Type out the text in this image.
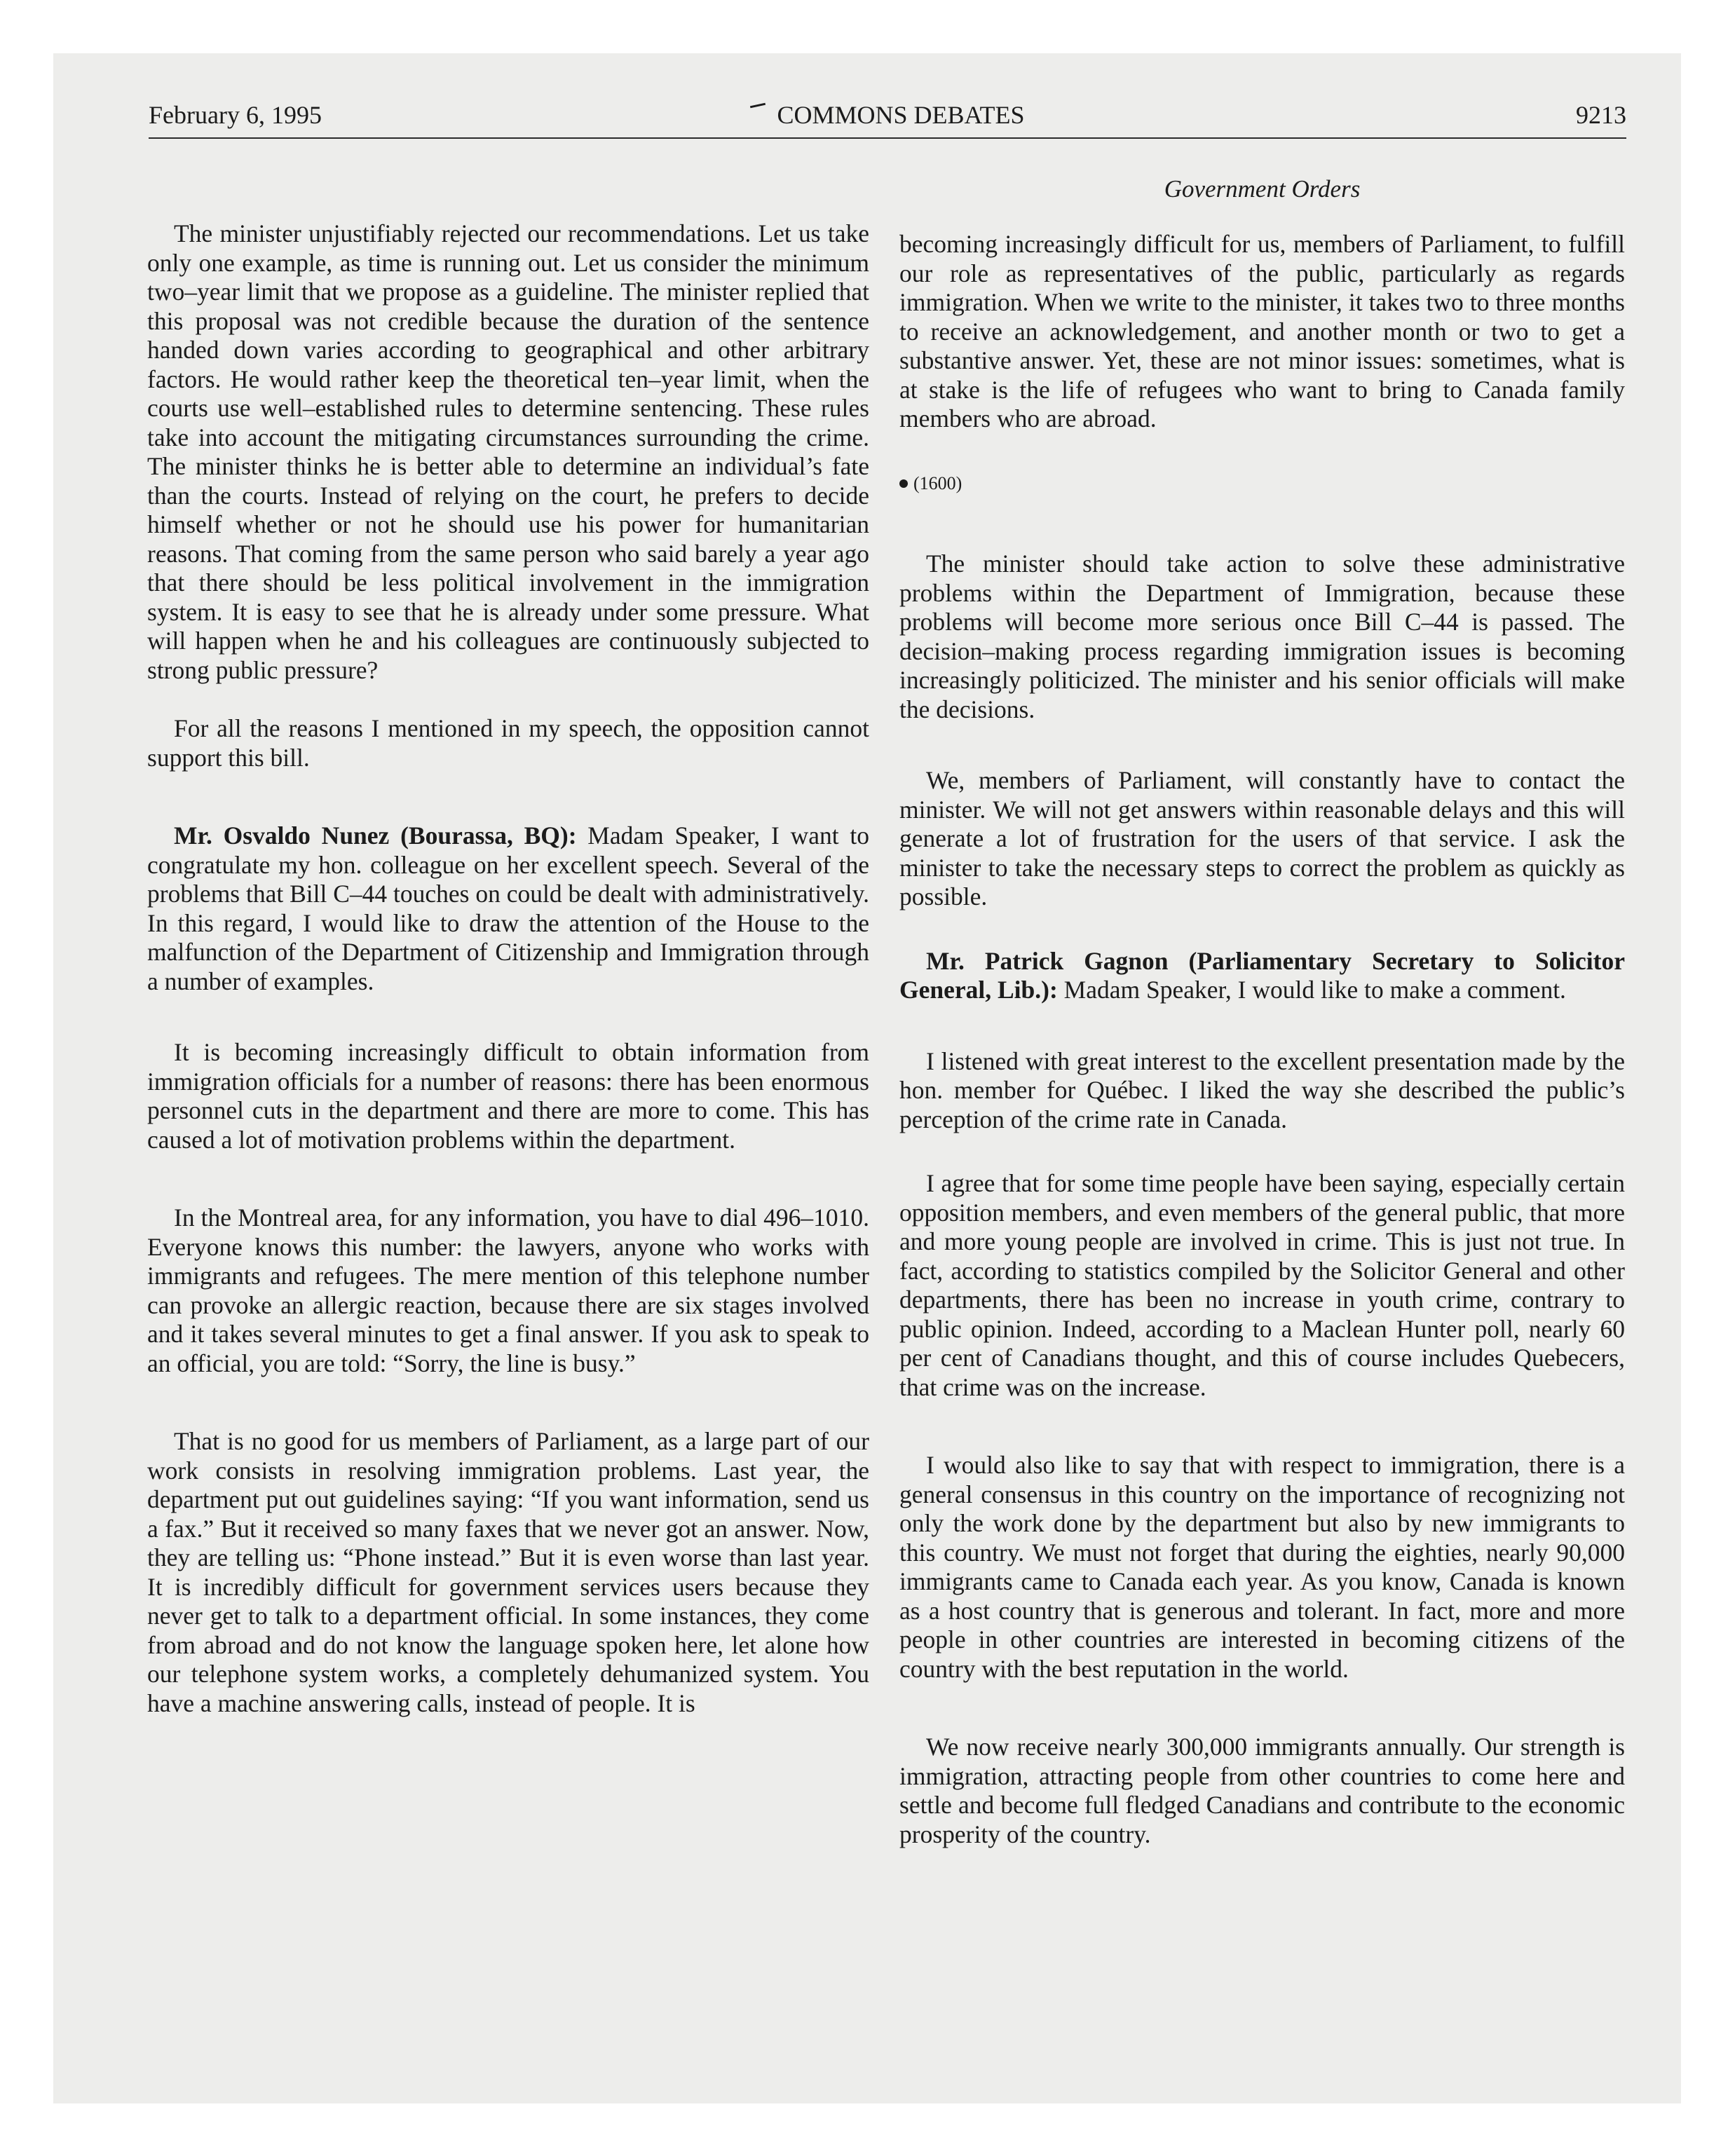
February 6, 1995	COMMONS DEBATES	9213
Government Orders

The minister unjustifiably rejected our recommendations. Let us take only one example, as time is running out. Let us consider the minimum two–year limit that we propose as a guideline. The minister replied that this proposal was not credible because the duration of the sentence handed down varies according to geographical and other arbitrary factors. He would rather keep the theoretical ten–year limit, when the courts use well–established rules to determine sentencing. These rules take into account the mitigating circumstances surrounding the crime. The minister thinks he is better able to determine an individual’s fate than the courts. Instead of relying on the court, he prefers to decide himself whether or not he should use his power for humanitarian reasons. That coming from the same person who said barely a year ago that there should be less political involvement in the immigration system. It is easy to see that he is already under some pressure. What will happen when he and his colleagues are continuously subjected to strong public pressure?

For all the reasons I mentioned in my speech, the opposition cannot support this bill.

Mr. Osvaldo Nunez (Bourassa, BQ): Madam Speaker, I want to congratulate my hon. colleague on her excellent speech. Several of the problems that Bill C–44 touches on could be dealt with administratively. In this regard, I would like to draw the attention of the House to the malfunction of the Department of Citizenship and Immigration through a number of examples.

It is becoming increasingly difficult to obtain information from immigration officials for a number of reasons: there has been enormous personnel cuts in the department and there are more to come. This has caused a lot of motivation problems within the department.

In the Montreal area, for any information, you have to dial 496–1010. Everyone knows this number: the lawyers, anyone who works with immigrants and refugees. The mere mention of this telephone number can provoke an allergic reaction, because there are six stages involved and it takes several minutes to get a final answer. If you ask to speak to an official, you are told: “Sorry, the line is busy.”

That is no good for us members of Parliament, as a large part of our work consists in resolving immigration problems. Last year, the department put out guidelines saying: “If you want information, send us a fax.” But it received so many faxes that we never got an answer. Now, they are telling us: “Phone instead.” But it is even worse than last year. It is incredibly difficult for government services users because they never get to talk to a department official. In some instances, they come from abroad and do not know the language spoken here, let alone how our telephone system works, a completely dehumanized system. You have a machine answering calls, instead of people. It is

becoming increasingly difficult for us, members of Parliament, to fulfill our role as representatives of the public, particularly as regards immigration. When we write to the minister, it takes two to three months to receive an acknowledgement, and another month or two to get a substantive answer. Yet, these are not minor issues: sometimes, what is at stake is the life of refugees who want to bring to Canada family members who are abroad.

(1600)

The minister should take action to solve these administrative problems within the Department of Immigration, because these problems will become more serious once Bill C–44 is passed. The decision–making process regarding immigration issues is becoming increasingly politicized. The minister and his senior officials will make the decisions.

We, members of Parliament, will constantly have to contact the minister. We will not get answers within reasonable delays and this will generate a lot of frustration for the users of that service. I ask the minister to take the necessary steps to correct the problem as quickly as possible.

Mr. Patrick Gagnon (Parliamentary Secretary to Solicitor General, Lib.): Madam Speaker, I would like to make a comment.

I listened with great interest to the excellent presentation made by the hon. member for Québec. I liked the way she described the public’s perception of the crime rate in Canada.

I agree that for some time people have been saying, especially certain opposition members, and even members of the general public, that more and more young people are involved in crime. This is just not true. In fact, according to statistics compiled by the Solicitor General and other departments, there has been no increase in youth crime, contrary to public opinion. Indeed, according to a Maclean Hunter poll, nearly 60 per cent of Canadians thought, and this of course includes Quebecers, that crime was on the increase.

I would also like to say that with respect to immigration, there is a general consensus in this country on the importance of recognizing not only the work done by the department but also by new immigrants to this country. We must not forget that during the eighties, nearly 90,000 immigrants came to Canada each year. As you know, Canada is known as a host country that is generous and tolerant. In fact, more and more people in other countries are interested in becoming citizens of the country with the best reputation in the world.

We now receive nearly 300,000 immigrants annually. Our strength is immigration, attracting people from other countries to come here and settle and become full fledged Canadians and contribute to the economic prosperity of the country.
